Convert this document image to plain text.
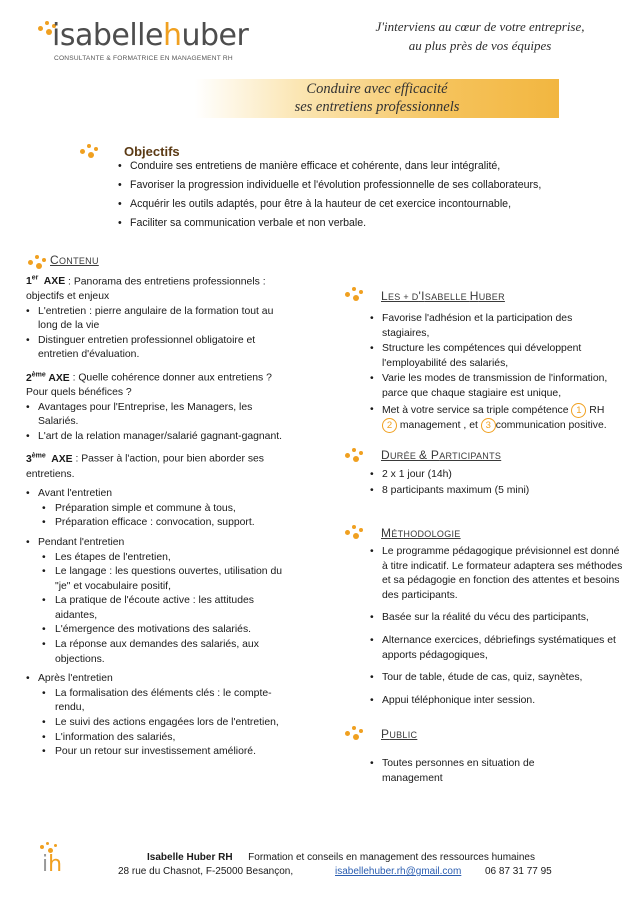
isabellehuber
CONSULTANTE & FORMATRICE EN MANAGEMENT RH
J'interviens au cœur de votre entreprise,
au plus près de vos équipes
Conduire avec efficacité
ses entretiens professionnels
Objectifs
• Conduire ses entretiens de manière efficace et cohérente, dans leur intégralité,
• Favoriser la progression individuelle et l'évolution professionnelle de ses collaborateurs,
• Acquérir les outils adaptés, pour être à la hauteur de cet exercice incontournable,
• Faciliter sa communication verbale et non verbale.
CONTENU

1er AXE : Panorama des entretiens professionnels : objectifs et enjeux

• L'entretien : pierre angulaire de la formation tout au long de la vie
• Distinguer entretien professionnel obligatoire et entretien d'évaluation.

2ème AXE : Quelle cohérence donner aux entretiens ? Pour quels bénéfices ?

• Avantages pour l'Entreprise, les Managers, les Salariés.
• L'art de la relation manager/salarié gagnant-gagnant.

3ème AXE : Passer à l'action, pour bien aborder ses entretiens.

• Avant l'entretien
• Préparation simple et commune à tous,
• Préparation efficace : convocation, support.
• Pendant l'entretien
• Les étapes de l'entretien,
• Le langage : les questions ouvertes, utilisation du "je" et vocabulaire positif,
• La pratique de l'écoute active : les attitudes aidantes,
• L'émergence des motivations des salariés.
• La réponse aux demandes des salariés, aux objections.
• Après l'entretien
• La formalisation des éléments clés : le compte-rendu,
• Le suivi des actions engagées lors de l'entretien,
• L'information des salariés,
• Pour un retour sur investissement amélioré.
LES + D'ISABELLE HUBER
• Favorise l'adhésion et la participation des stagiaires,
• Structure les compétences qui développent l'employabilité des salariés,
• Varie les modes de transmission de l'information, parce que chaque stagiaire est unique,
• Met à votre service sa triple compétence 1 RH 2 management , et 3 communication positive.
DURÉE & PARTICIPANTS
• 2 x 1 jour (14h)
• 8 participants maximum (5 mini)
MÉTHODOLOGIE
• Le programme pédagogique prévisionnel est donné à titre indicatif. Le formateur adaptera ses méthodes et sa pédagogie en fonction des attentes et besoins des participants.
• Basée sur la réalité du vécu des participants,
• Alternance exercices, débriefings systématiques et apports pédagogiques,
• Tour de table, étude de cas, quiz, saynètes,
• Appui téléphonique inter session.
PUBLIC
• Toutes personnes en situation de management
ih	Isabelle Huber RH Formation et conseils en management des ressources humaines
28 rue du Chasnot, F-25000 Besançon,	isabellehuber.rh@gmail.com 06 87 31 77 95
